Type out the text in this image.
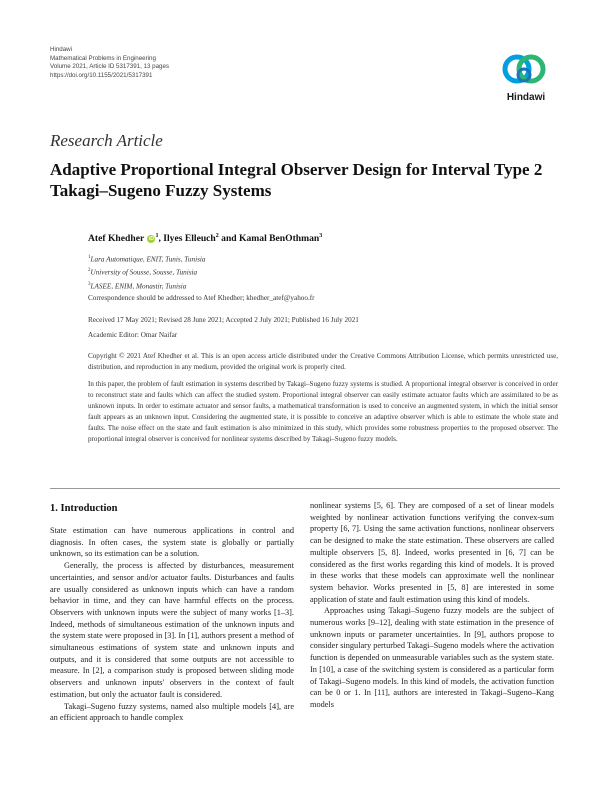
Hindawi
Mathematical Problems in Engineering
Volume 2021, Article ID 5317391, 13 pages
https://doi.org/10.1155/2021/5317391
Hindawi
Research Article
Adaptive Proportional Integral Observer Design for Interval Type 2 Takagi–Sugeno Fuzzy Systems
Atef Khedher $iD^1$, Ilyes Elleuch$^2$ and Kamal BenOthman$^3$
$^1$Lara Automatique, ENIT, Tunis, Tunisia
$^2$University of Sousse, Sousse, Tunisia
$^3$LASEE, ENIM, Monastir, Tunisia
Correspondence should be addressed to Atef Khedher; khedher_atef@yahoo.fr
Received 17 May 2021; Revised 28 June 2021; Accepted 2 July 2021; Published 16 July 2021
Academic Editor: Omar Naifar
Copyright © 2021 Atef Khedher et al. This is an open access article distributed under the Creative Commons Attribution License, which permits unrestricted use, distribution, and reproduction in any medium, provided the original work is properly cited.
In this paper, the problem of fault estimation in systems described by Takagi–Sugeno fuzzy systems is studied. A proportional integral observer is conceived in order to reconstruct state and faults which can affect the studied system. Proportional integral observer can easily estimate actuator faults which are assimilated to be as unknown inputs. In order to estimate actuator and sensor faults, a mathematical transformation is used to conceive an augmented system, in which the initial sensor fault appears as an unknown input. Considering the augmented state, it is possible to conceive an adaptive observer which is able to estimate the whole state and faults. The noise effect on the state and fault estimation is also minimized in this study, which provides some robustness properties to the proposed observer. The proportional integral observer is conceived for nonlinear systems described by Takagi–Sugeno fuzzy models.
1. Introduction

State estimation can have numerous applications in control and diagnosis. In often cases, the system state is globally or partially unknown, so its estimation can be a solution.

Generally, the process is affected by disturbances, measurement uncertainties, and sensor and/or actuator faults. Disturbances and faults are usually considered as unknown inputs which can have a random behavior in time, and they can have harmful effects on the process. Observers with unknown inputs were the subject of many works [1–3]. Indeed, methods of simultaneous estimation of the unknown inputs and the system state were proposed in [3]. In [1], authors present a method of simultaneous estimations of system state and unknown inputs and outputs, and it is considered that some outputs are not accessible to measure. In [2], a comparison study is proposed between sliding mode observers and unknown inputs' observers in the context of fault estimation, but only the actuator fault is considered.

Takagi–Sugeno fuzzy systems, named also multiple models [4], are an efficient approach to handle complex

nonlinear systems [5, 6]. They are composed of a set of linear models weighted by nonlinear activation functions verifying the convex-sum property [6, 7]. Using the same activation functions, nonlinear observers can be designed to make the state estimation. These observers are called multiple observers [5, 8]. Indeed, works presented in [6, 7] can be considered as the first works regarding this kind of models. It is proved in these works that these models can approximate well the nonlinear system behavior. Works presented in [5, 8] are interested in some application of state and fault estimation using this kind of models.

Approaches using Takagi–Sugeno fuzzy models are the subject of numerous works [9–12], dealing with state estimation in the presence of unknown inputs or parameter uncertainties. In [9], authors propose to consider singulary perturbed Takagi–Sugeno models where the activation function is depended on unmeasurable variables such as the system state. In [10], a case of the switching system is considered as a particular form of Takagi–Sugeno models. In this kind of models, the activation function can be 0 or 1. In [11], authors are interested in Takagi–Sugeno–Kang models
